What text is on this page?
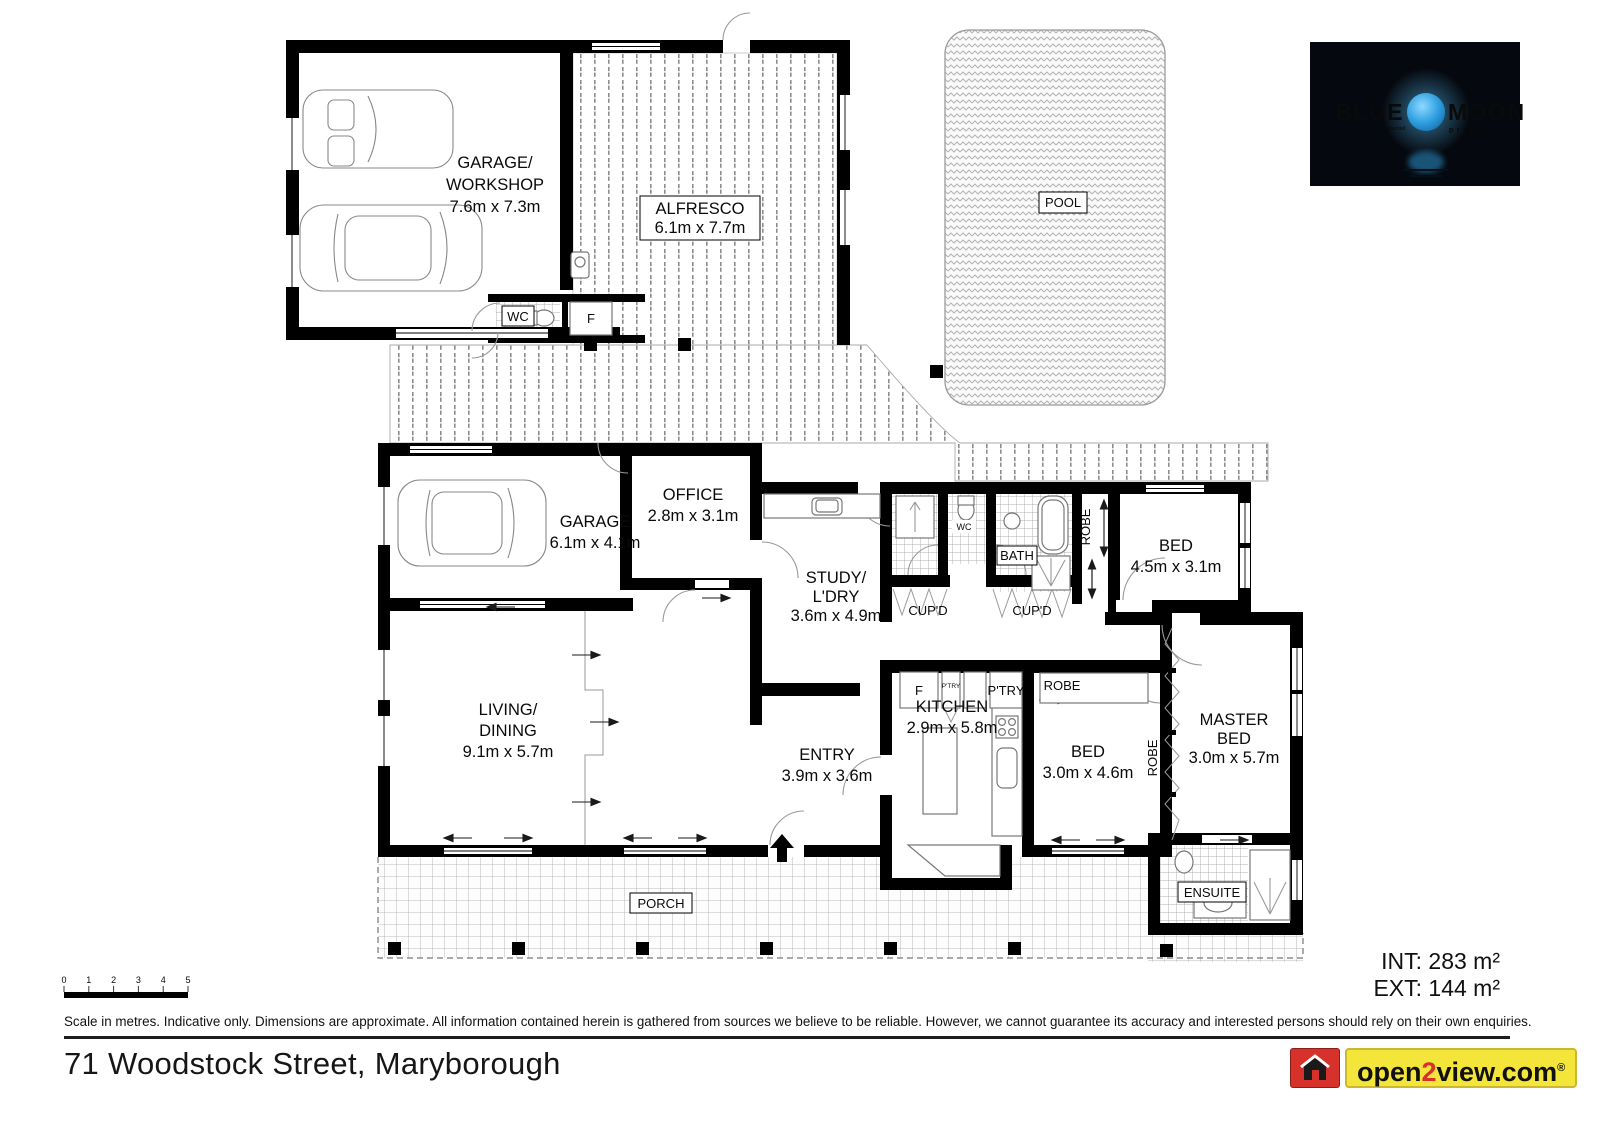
POOL
GARAGE/
WORKSHOP
7.6m x 7.3m	ALFRESCO
6.1m x 7.7m
WC	F
GARAGE
6.1m x 4.1m
OFFICE
2.8m x 3.1m
STUDY/
L'DRY
3.6m x 4.9m
WC
BATH
ROBE
BED
4.5m x 3.1m
CUP'D	CUP'D
F	P'TRY P'TRY ROBE
KITCHEN
2.9m x 5.8m
BED
3.0m x 4.6m ROBE
MASTER
BED
3.0m x 5.7m
LIVING/
DINING
9.1m x 5.7m	ENTRY
3.9m x 3.6m
ENSUITE
PORCH
0 1 2 3 4 5
BLUE MOON
property
Expect the Unexpected
INT: 283 m²
EXT: 144 m²
Scale in metres. Indicative only. Dimensions are approximate. All information contained herein is gathered from sources we believe to be reliable. However, we cannot guarantee its accuracy and interested persons should rely on their own enquiries.
71 Woodstock Street, Maryborough	open2view.com®
